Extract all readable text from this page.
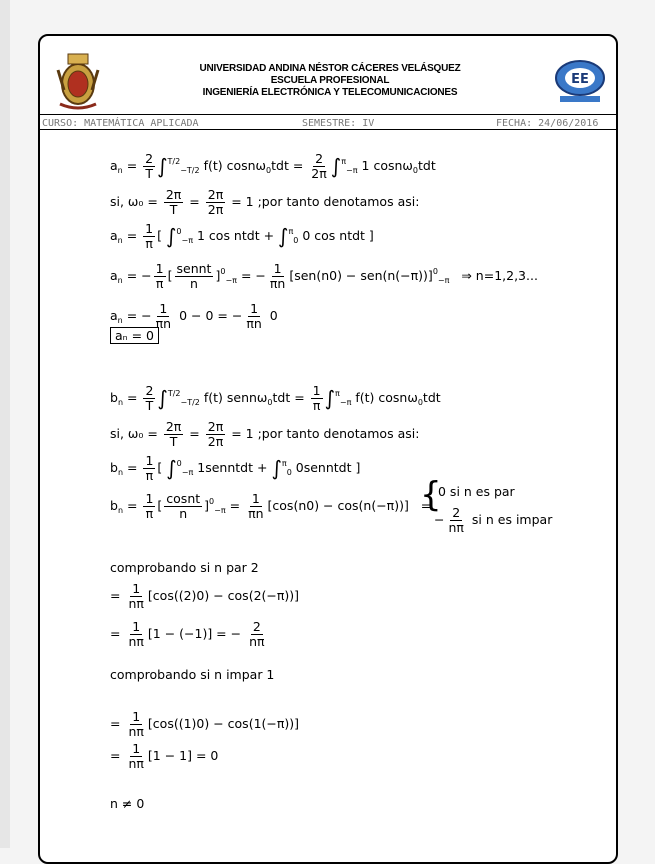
UNIVERSIDAD ANDINA NÉSTOR CÁCERES VELÁSQUEZ
ESCUELA PROFESIONAL
INGENIERÍA ELECTRÓNICA Y TELECOMUNICACIONES
EE
CURSO: MATEMÁTICA APLICADA	SEMESTRE: IV	FECHA: 24/06/2016
$a_n = \frac{2}{T} \int^{T/2}_{-T/2}$ f(t) $\cos n\omega_0tdt = \frac{2}{2\pi} \int^\pi_{-\pi}$ 1 cosnω$_0$tdt
si, $\omega_0 = \frac{2\pi}{T} = \frac{2\pi}{2\pi} = 1$ ;por tanto denotamos asi:
$a_n = \frac{1}{\pi}$ [ ∫$^0_{-\pi}$ 1 cos ntdt + ∫$^\pi_0$ 0 cos ntdt ]
$a_n$ = − $\frac{1}{\pi}$ [ $\frac{\text{sennt}}{n} ]^0_{-\pi}$ = − $\frac{1}{\pi n} [sen(n0) - sen(n(-\pi))]^0_{-\pi}$ ⇒ n=1,2,3...
$a_n$ = − $\frac{1}{\pi n} 0 - 0$ = − $\frac{1}{\pi n} 0$
aₙ = 0
$b_n = \frac{2}{T} \int^{T/2}_{-T/2}$ f(t) sennω$_0$tdt = $\frac{1}{\pi} \int^\pi_{-\pi}$ f(t) cosnω$_0$tdt
si, $\omega_0 = \frac{2\pi}{T} = \frac{2\pi}{2\pi} = 1$ ;por tanto denotamos asi:
$b_n = \frac{1}{\pi}$ [ ∫$^0_{-\pi}$ 1senntdt + ∫$^\pi_0$ 0senntdt ]
$b_n = \frac{1}{\pi}$ [ $\frac{\text{cosnt}}{n} ]^0_{-\pi} = \frac{1}{\pi n} [\cos(n0) - \cos(n(-\pi))]$   =
{
0 si n es par
− $\frac{2}{n\pi}$ si n es impar
comprobando si n par 2
= $\frac{1}{n\pi} [\cos((2)0) - \cos(2(-\pi))]$
= $\frac{1}{n\pi} [1 - (-1)]$ = − $\frac{2}{n\pi}$
comprobando si n impar 1
= $\frac{1}{n\pi} [\cos((1)0) - \cos(1(-\pi))]$
= $\frac{1}{n\pi} [1 - 1] = 0$
n ≠ 0
